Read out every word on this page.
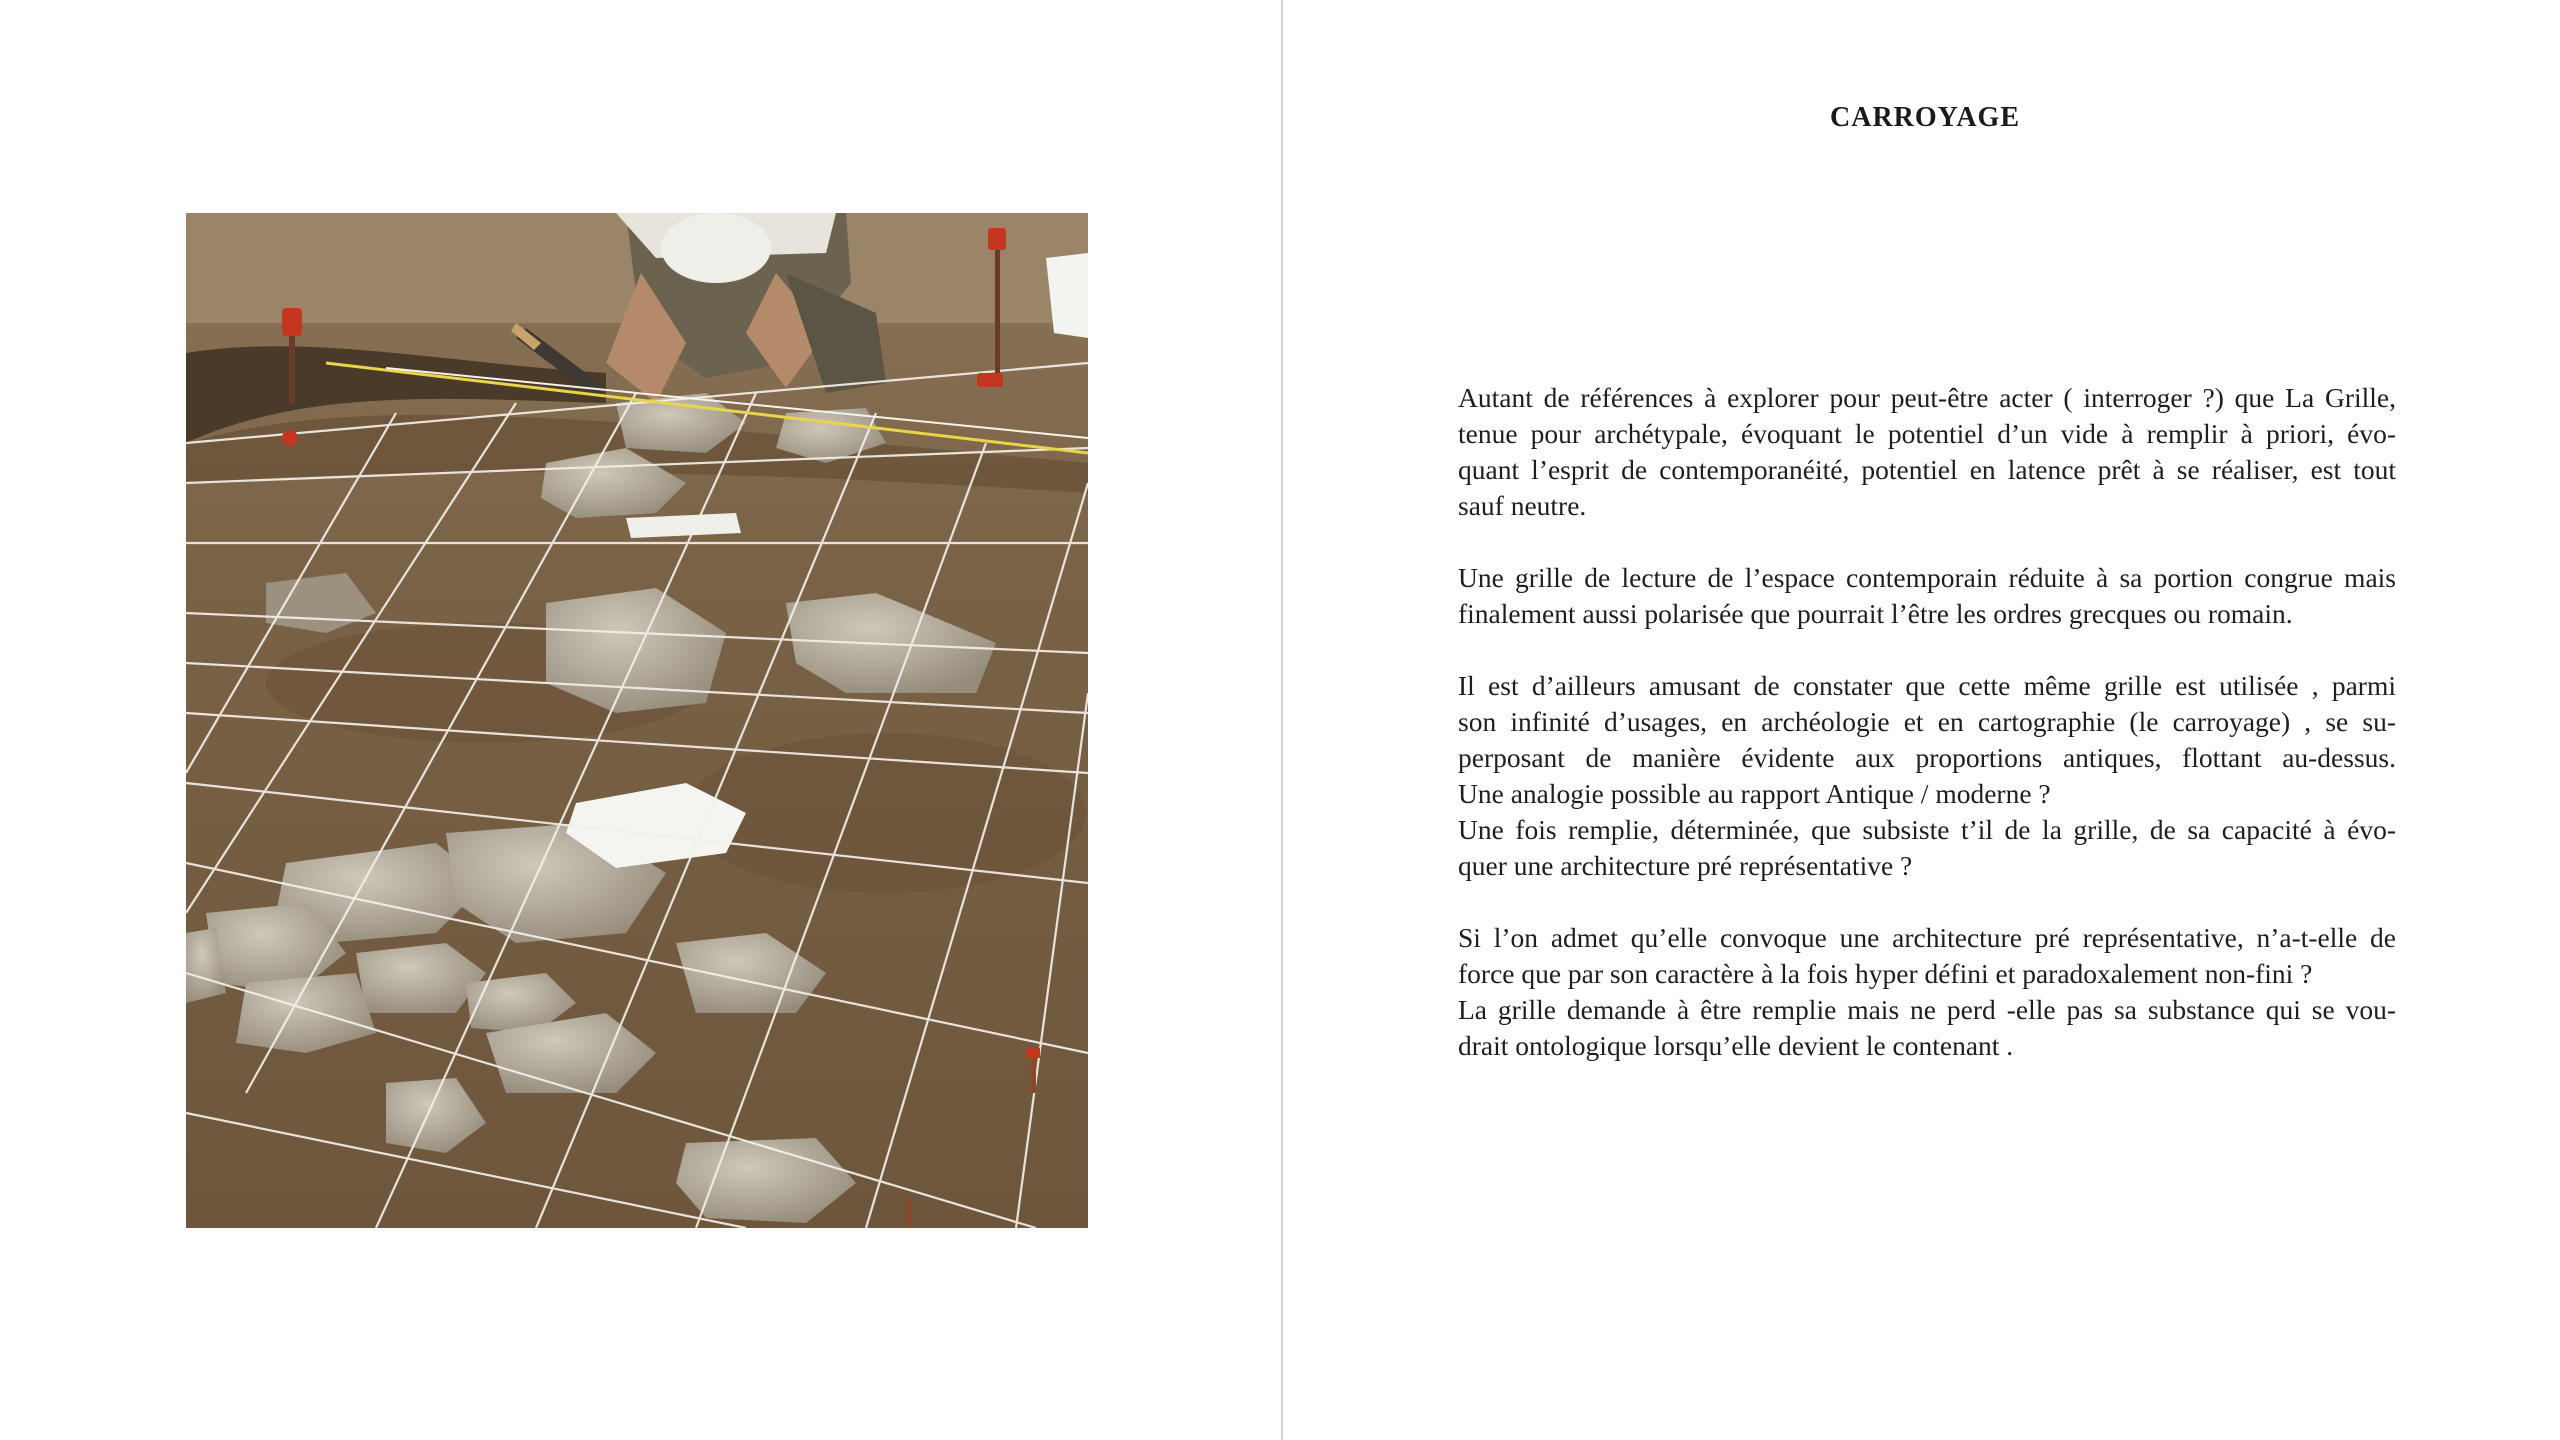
CARROYAGE
Autant de références à explorer pour peut-être acter ( interroger ?) que La Grille,
tenue pour archétypale, évoquant le potentiel d’un vide à remplir à priori, évo-
quant l’esprit de contemporanéité, potentiel en latence prêt à se réaliser, est tout
sauf neutre.
Une grille de lecture de l’espace contemporain réduite à sa portion congrue mais
finalement aussi polarisée que pourrait l’être les ordres grecques ou romain.
Il est d’ailleurs amusant de constater que cette même grille est utilisée , parmi
son infinité d’usages, en archéologie et en cartographie (le carroyage) , se su-
perposant de manière évidente aux proportions antiques, flottant au-dessus.
Une analogie possible au rapport Antique / moderne ?
Une fois remplie, déterminée, que subsiste t’il de la grille, de sa capacité à évo-
quer une architecture pré représentative ?
Si l’on admet qu’elle convoque une architecture pré représentative, n’a-t-elle de
force que par son caractère à la fois hyper défini et paradoxalement non-fini ?
La grille demande à être remplie mais ne perd -elle pas sa substance qui se vou-
drait ontologique lorsqu’elle devient le contenant .
